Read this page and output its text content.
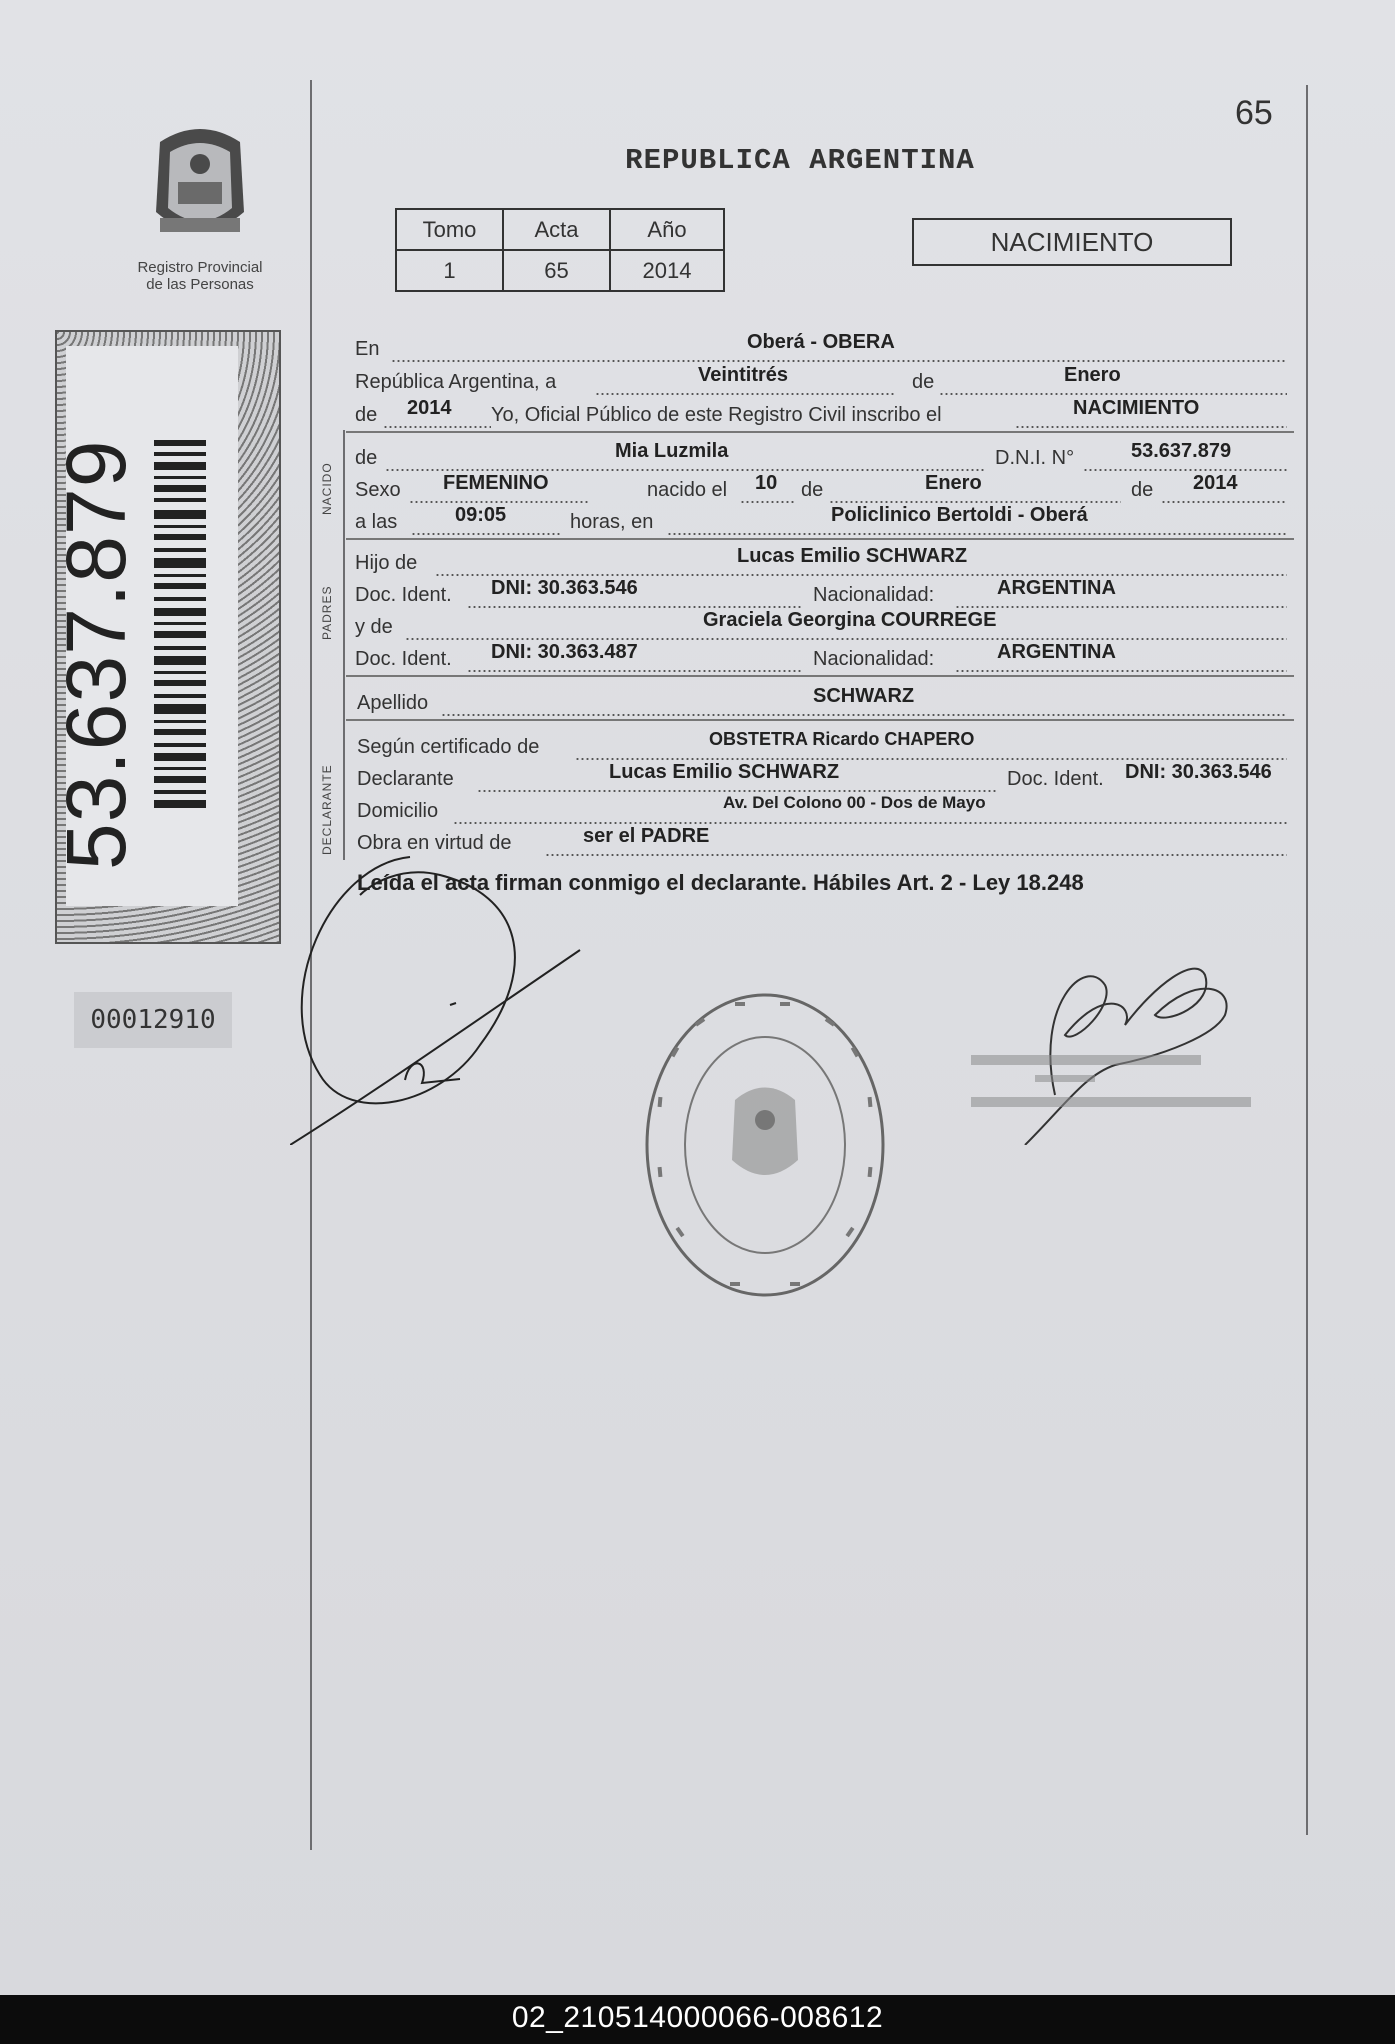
Registro Provincial
de las Personas
53.637.879
00012910
65
REPUBLICA ARGENTINA
Tomo	Acta	Año
1	65	2014
NACIMIENTO
En	Oberá - OBERA
República Argentina, a	Veintitrés	de	Enero
de 2014 Yo, Oficial Público de este Registro Civil inscribo el	NACIMIENTO
NACIDO
de	Mia Luzmila	D.N.I. N°	53.637.879
Sexo FEMENINO	nacido el 10 de	Enero	de 2014
a las	09:05	horas, en	Policlinico Bertoldi - Oberá
PADRES
Hijo de	Lucas Emilio SCHWARZ
Doc. Ident. DNI: 30.363.546	Nacionalidad:	ARGENTINA
y de	Graciela Georgina COURREGE
Doc. Ident. DNI: 30.363.487	Nacionalidad:	ARGENTINA
Apellido	SCHWARZ
DECLARANTE
Según certificado de	OBSTETRA Ricardo CHAPERO
Declarante	Lucas Emilio SCHWARZ	Doc. Ident. DNI: 30.363.546
Domicilio	Av. Del Colono 00 - Dos de Mayo
Obra en virtud de	ser el PADRE
Leída el acta firman conmigo el declarante. Hábiles Art. 2 - Ley 18.248
02_210514000066-008612
